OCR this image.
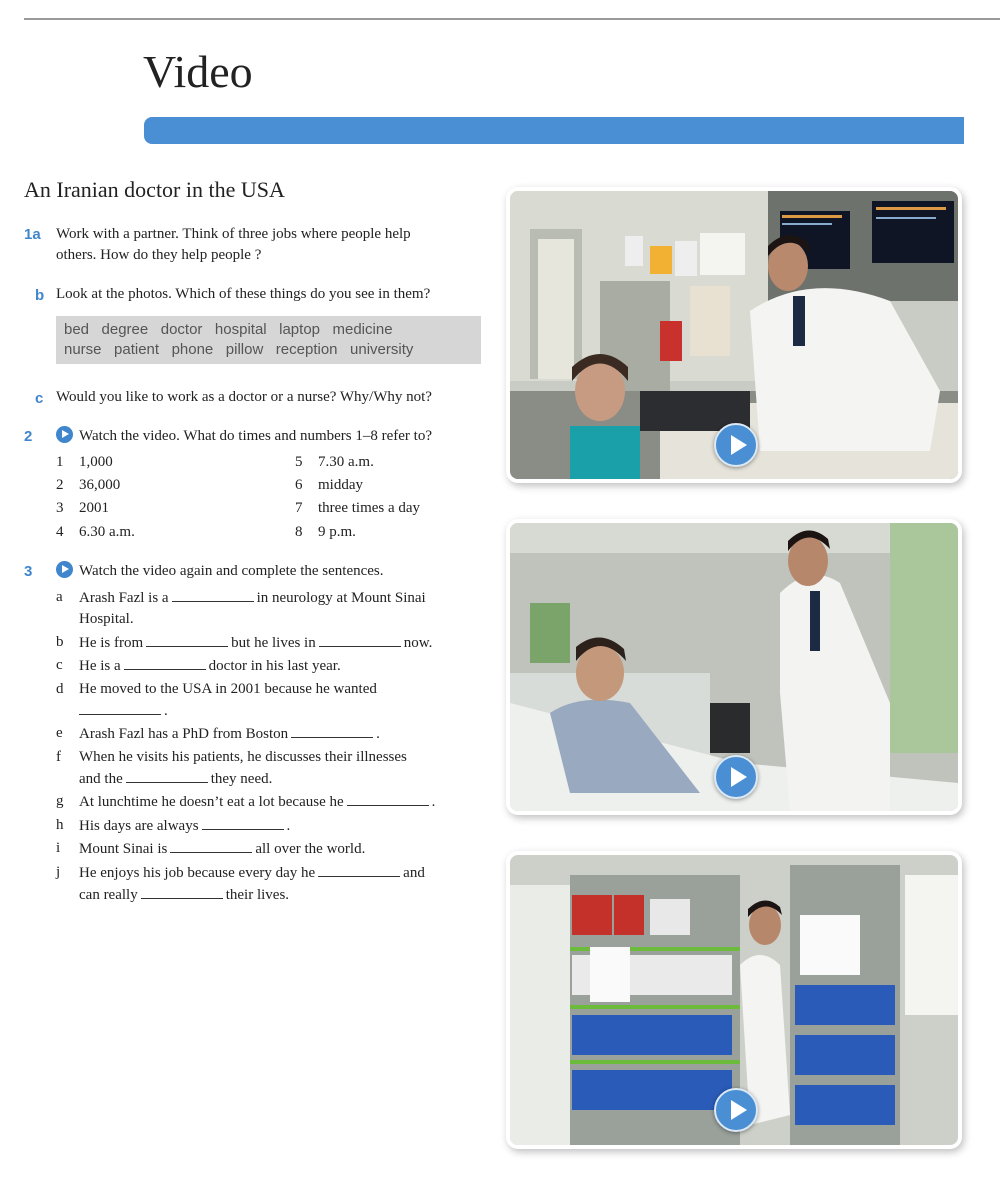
Video
An Iranian doctor in the USA
1a Work with a partner. Think of three jobs where people help
others. How do they help people ?
b Look at the photos. Which of these things do you see in them?
bed   degree   doctor   hospital   laptop   medicine
nurse   patient   phone   pillow   reception   university
c Would you like to work as a doctor or a nurse? Why/Why not?
2	Watch the video. What do times and numbers 1–8 refer to?
1 1,000
2 36,000
3 2001
4 6.30 a.m.
5 7.30 a.m.
6 midday
7 three times a day
8 9 p.m.
3	Watch the video again and complete the sentences.
a Arash Fazl is a	in neurology at Mount Sinai
Hospital.
b He is from	but he lives in	now.
c He is a	doctor in his last year.
d He moved to the USA in 2001 because he wanted
.
e Arash Fazl has a PhD from Boston	.
f When he visits his patients, he discusses their illnesses
and the	they need.
g At lunchtime he doesn’t eat a lot because he	.
h His days are always	.
i Mount Sinai is	all over the world.
j He enjoys his job because every day he	and
can really	their lives.
